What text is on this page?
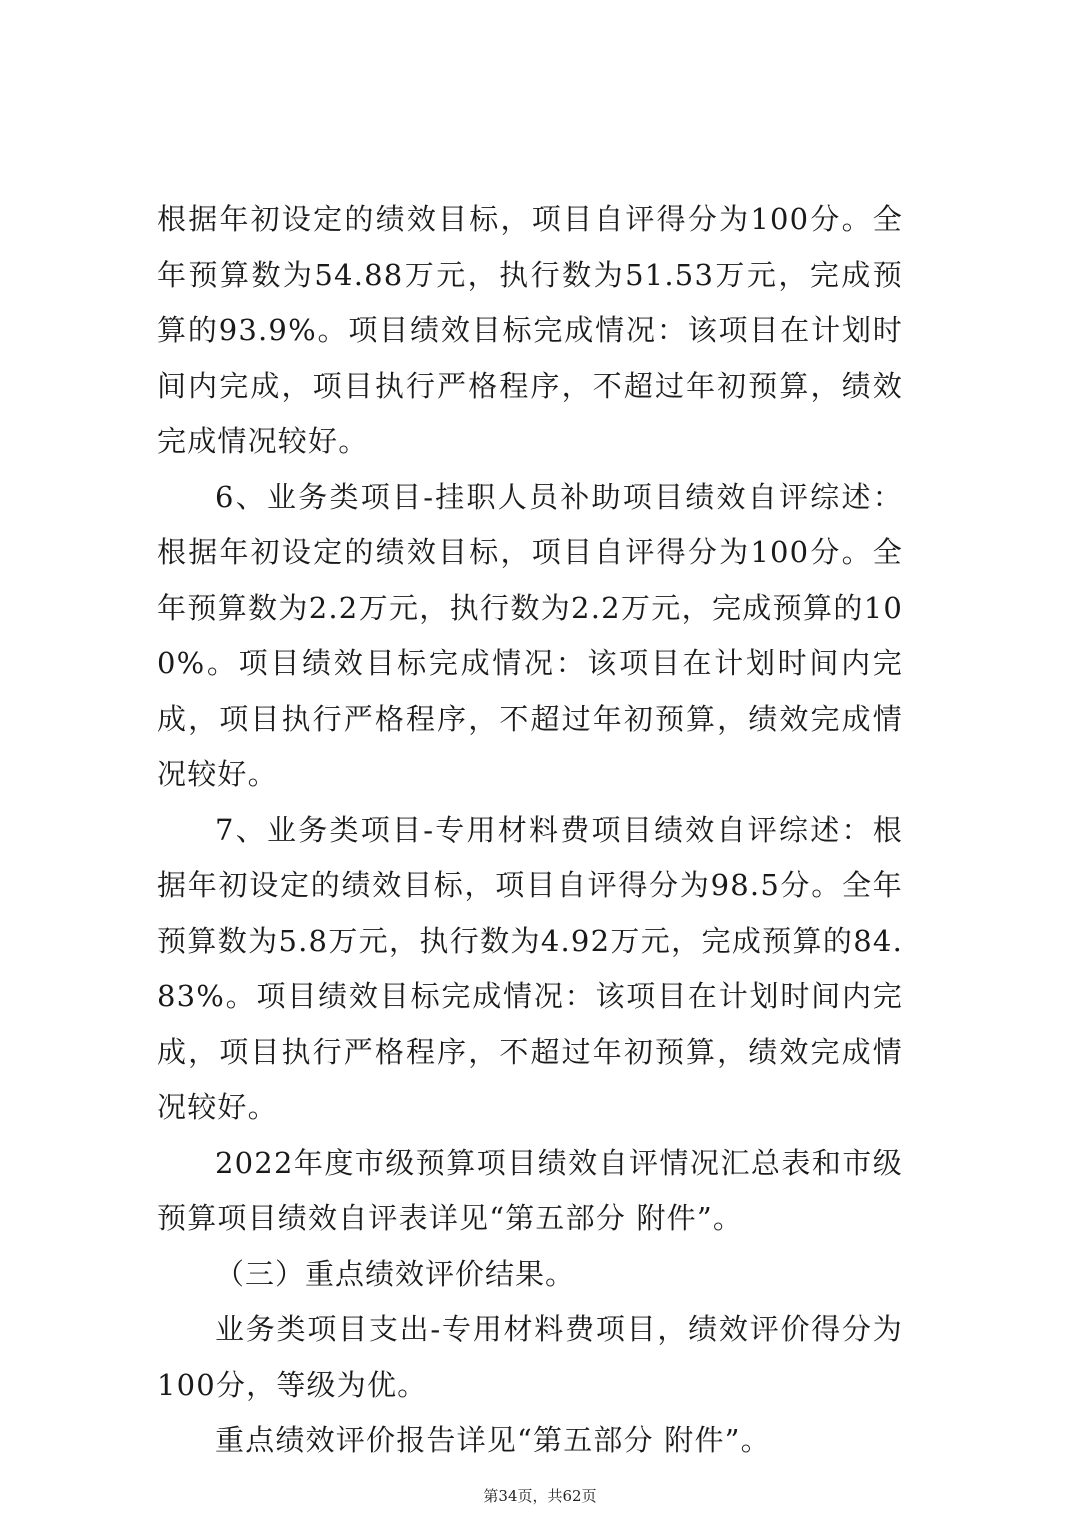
根据年初设定的绩效目标，项目自评得分为100分。全年预算数为54.88万元，执行数为51.53万元，完成预算的93.9%。项目绩效目标完成情况：该项目在计划时间内完成，项目执行严格程序，不超过年初预算，绩效完成情况较好。

6、业务类项目-挂职人员补助项目绩效自评综述：根据年初设定的绩效目标，项目自评得分为100分。全年预算数为2.2万元，执行数为2.2万元，完成预算的100%。项目绩效目标完成情况：该项目在计划时间内完成，项目执行严格程序，不超过年初预算，绩效完成情况较好。

7、业务类项目-专用材料费项目绩效自评综述：根据年初设定的绩效目标，项目自评得分为98.5分。全年预算数为5.8万元，执行数为4.92万元，完成预算的84.83%。项目绩效目标完成情况：该项目在计划时间内完成，项目执行严格程序，不超过年初预算，绩效完成情况较好。

2022年度市级预算项目绩效自评情况汇总表和市级预算项目绩效自评表详见“第五部分 附件”。

（三）重点绩效评价结果。

业务类项目支出-专用材料费项目，绩效评价得分为100分，等级为优。

重点绩效评价报告详见“第五部分 附件”。

第34页，共62页
